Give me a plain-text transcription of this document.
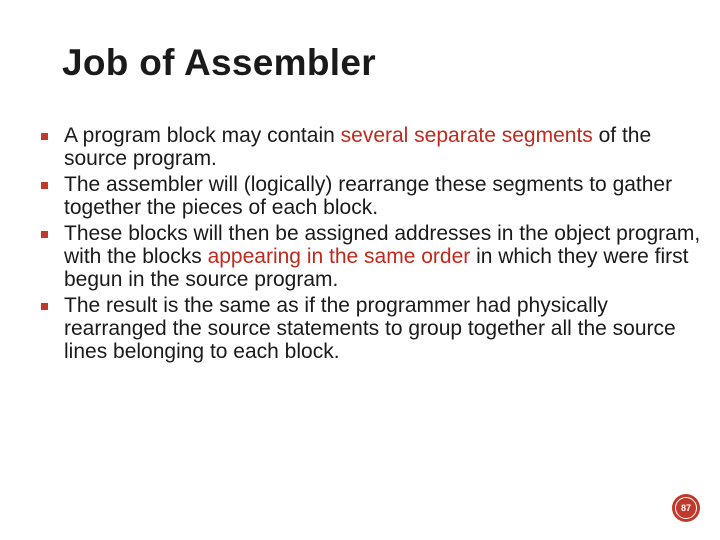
Job of Assembler
A program block may contain several separate segments of the source program.
The assembler will (logically) rearrange these segments to gather together the pieces of each block.
These blocks will then be assigned addresses in the object program, with the blocks appearing in the same order in which they were first begun in the source program.
The result is the same as if the programmer had physically rearranged the source statements to group together all the source lines belonging to each block.
87
